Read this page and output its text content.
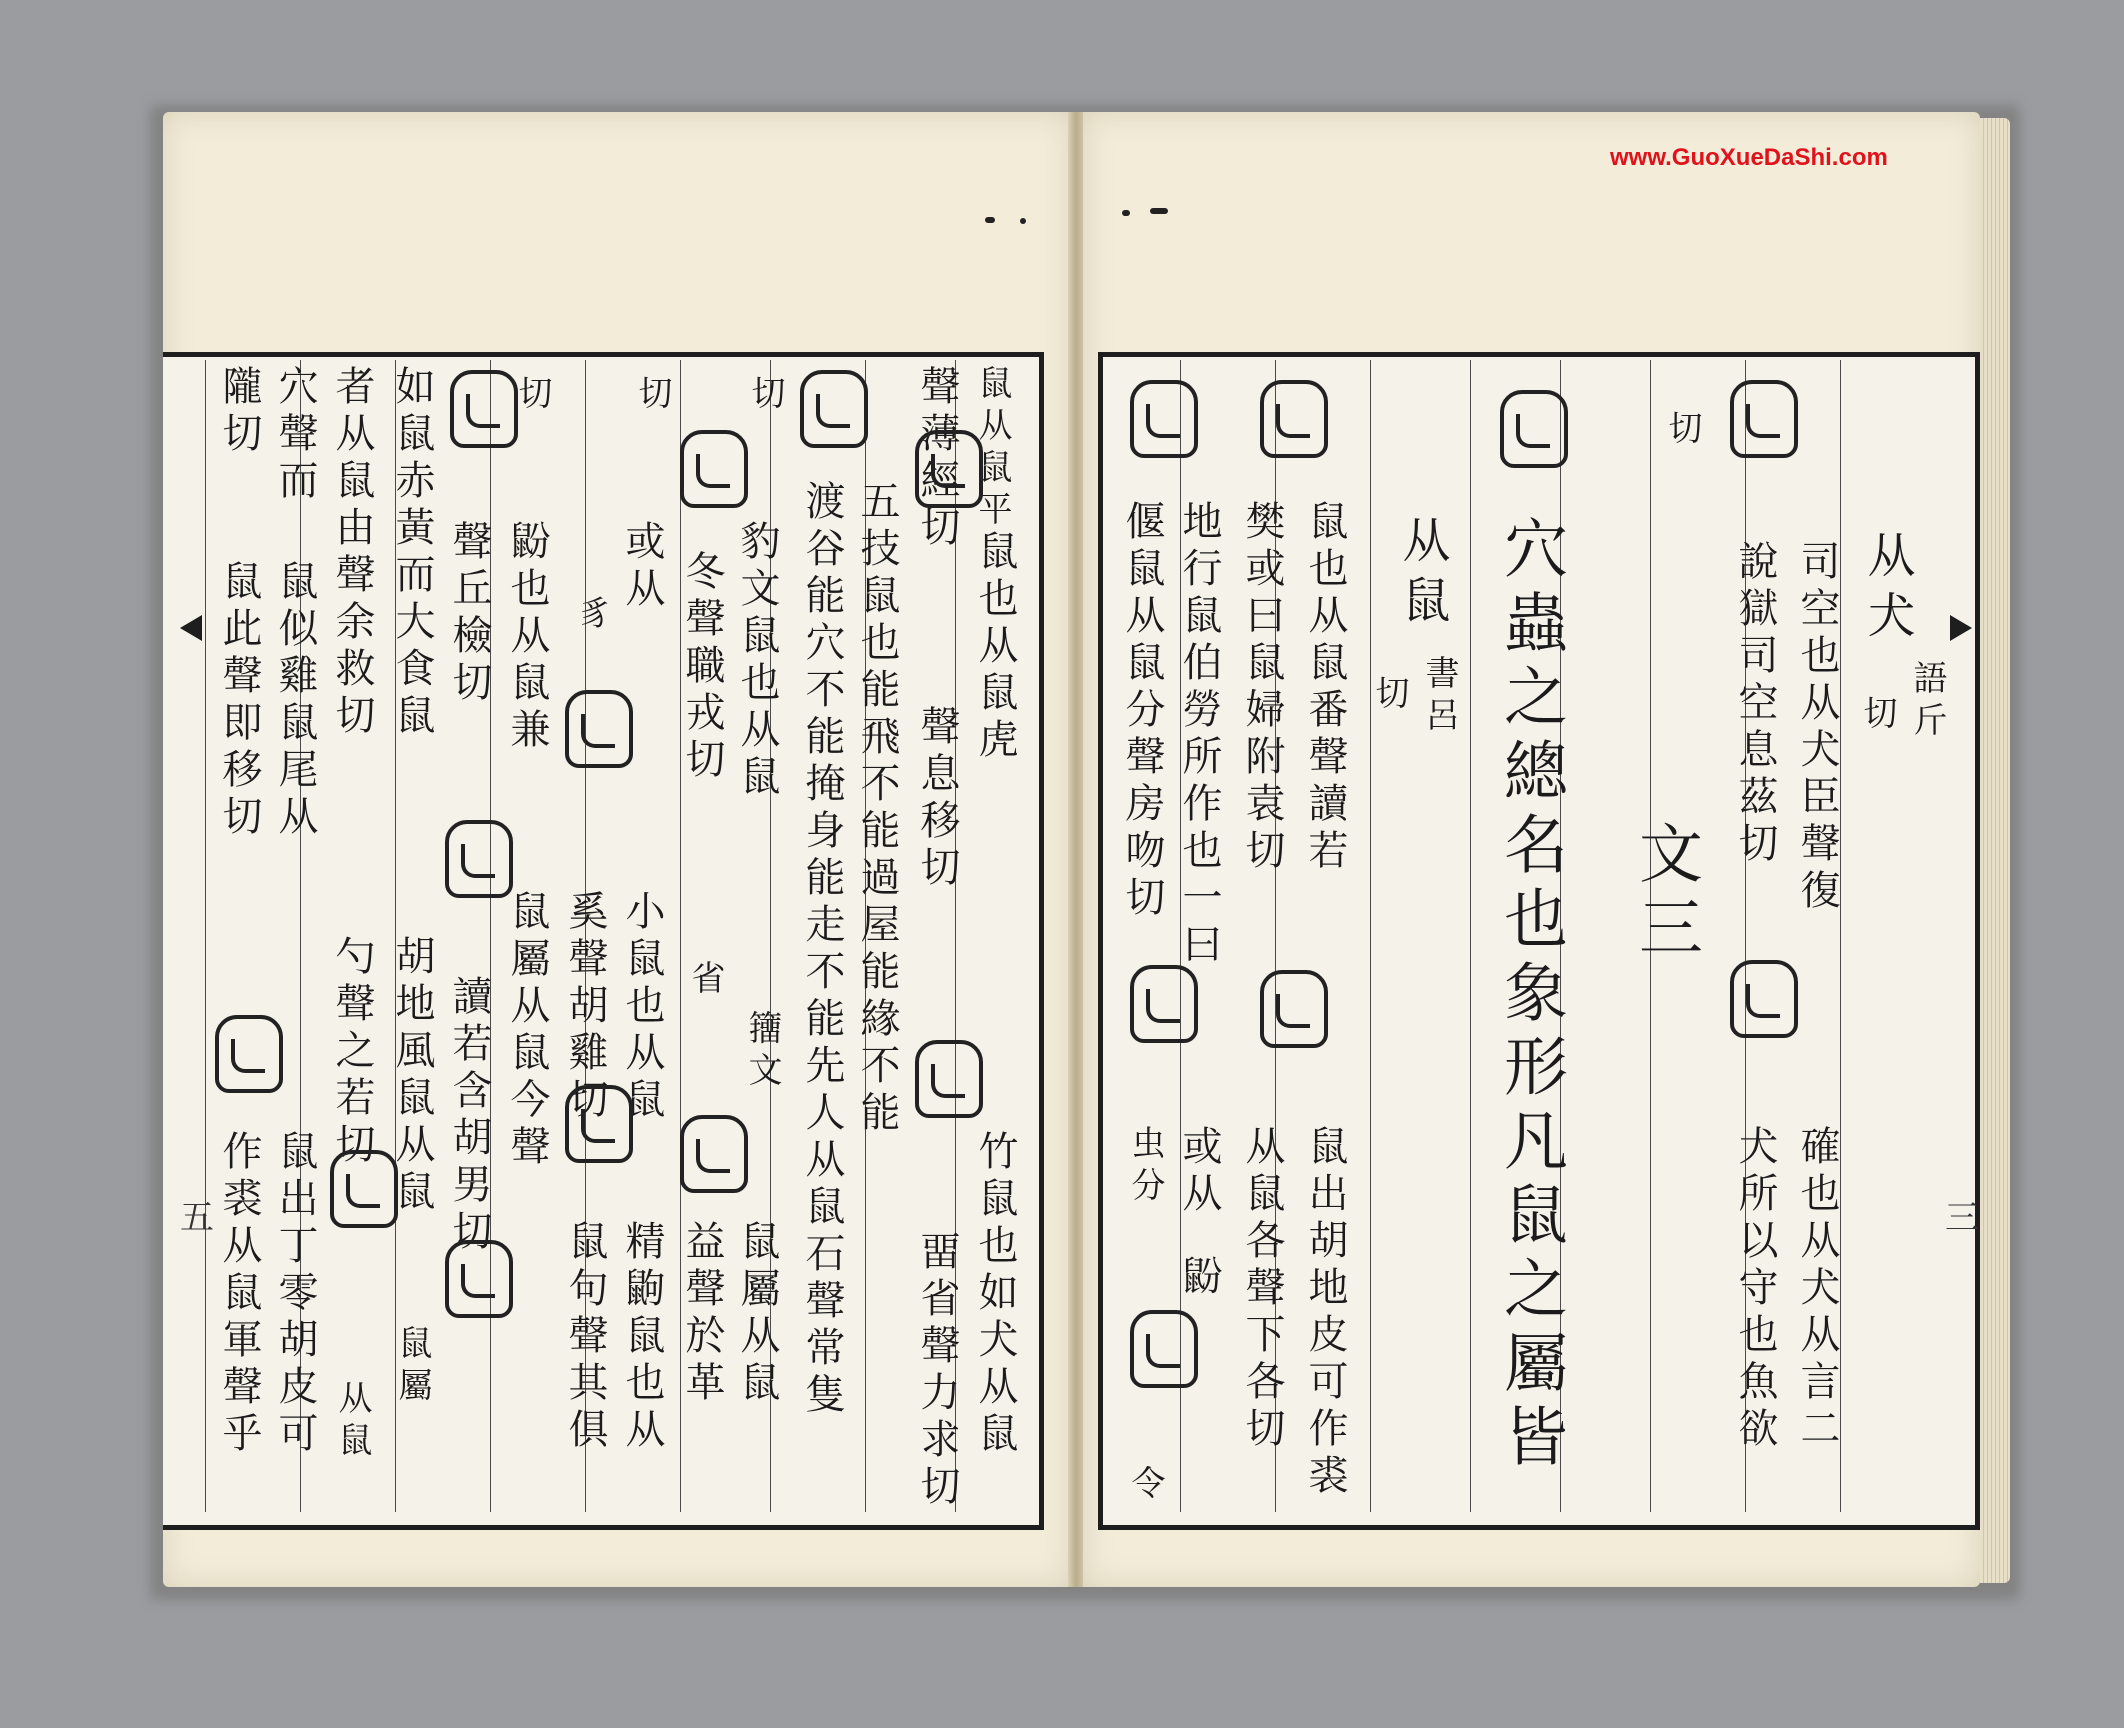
www.GuoXueDaShi.com
从犬
語斤
切
司空也从犬臣聲復
說獄司空息茲切
確也从犬从言二
犬所以守也魚欲
切
文三
穴蟲之總名也象形凡鼠之屬皆
从鼠
書呂
切
鼠也从鼠番聲讀若
鼠出胡地皮可作裘
樊或曰鼠婦附袁切
从鼠各聲下各切
地行鼠伯勞所作也一曰
或从
鼢
偃鼠从鼠分聲房吻切
虫分
令
鼠从鼠平
鼠也从鼠虎
竹鼠也如犬从鼠
聲薄經切
聲息移切
畱省聲力求切
五技鼠也能飛不能過屋能緣不能
渡谷能穴不能掩身能走不能先人从鼠石聲常隻
切
豹文鼠也从鼠
籒文
鼠屬从鼠
冬聲職戎切
省
益聲於革
切
或从
小鼠也从鼠
精鼩鼠也从
豸
奚聲胡雞切
鼠句聲其俱
切
鼢也从鼠兼
鼠屬从鼠今聲
聲丘檢切
讀若含胡男切
如鼠赤黃而大食鼠
胡地風鼠从鼠
者从鼠由聲余救切
勺聲之若切
鼠屬
从鼠
穴聲而
鼠似雞鼠尾从
鼠出丁零胡皮可
隴切
鼠此聲即移切
作裘从鼠軍聲乎
五	三
